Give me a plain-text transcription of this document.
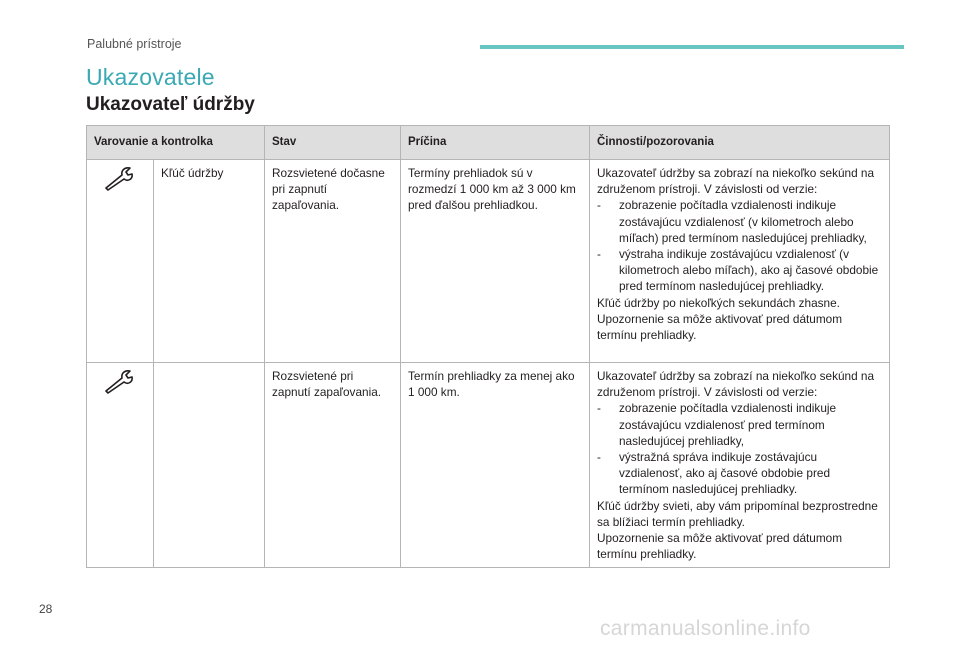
Palubné prístroje
Ukazovatele
Ukazovateľ údržby
Varovanie a kontrolka		Stav	Príčina	Činnosti/pozorovania
	Kľúč údržby	Rozsvietené dočasne pri zapnutí zapaľovania.	Termíny prehliadok sú v rozmedzí 1 000 km až 3 000 km pred ďalšou prehliadkou.	Ukazovateľ údržby sa zobrazí na niekoľko sekúnd na združenom prístroji. V závislosti od verzie:
- zobrazenie počítadla vzdialenosti indikuje zostávajúcu vzdialenosť (v kilometroch alebo míľach) pred termínom nasledujúcej prehliadky,
- výstraha indikuje zostávajúcu vzdialenosť (v kilometroch alebo míľach), ako aj časové obdobie pred termínom nasledujúcej prehliadky.
Kľúč údržby po niekoľkých sekundách zhasne.
Upozornenie sa môže aktivovať pred dátumom termínu prehliadky.

		Rozsvietené pri zapnutí zapaľovania.	Termín prehliadky za menej ako 1 000 km.	Ukazovateľ údržby sa zobrazí na niekoľko sekúnd na združenom prístroji. V závislosti od verzie:
- zobrazenie počítadla vzdialenosti indikuje zostávajúcu vzdialenosť pred termínom nasledujúcej prehliadky,
- výstražná správa indikuje zostávajúcu vzdialenosť, ako aj časové obdobie pred termínom nasledujúcej prehliadky.
Kľúč údržby svieti, aby vám pripomínal bezprostredne sa blížiaci termín prehliadky.
Upozornenie sa môže aktivovať pred dátumom termínu prehliadky.
28
carmanualsonline.info
